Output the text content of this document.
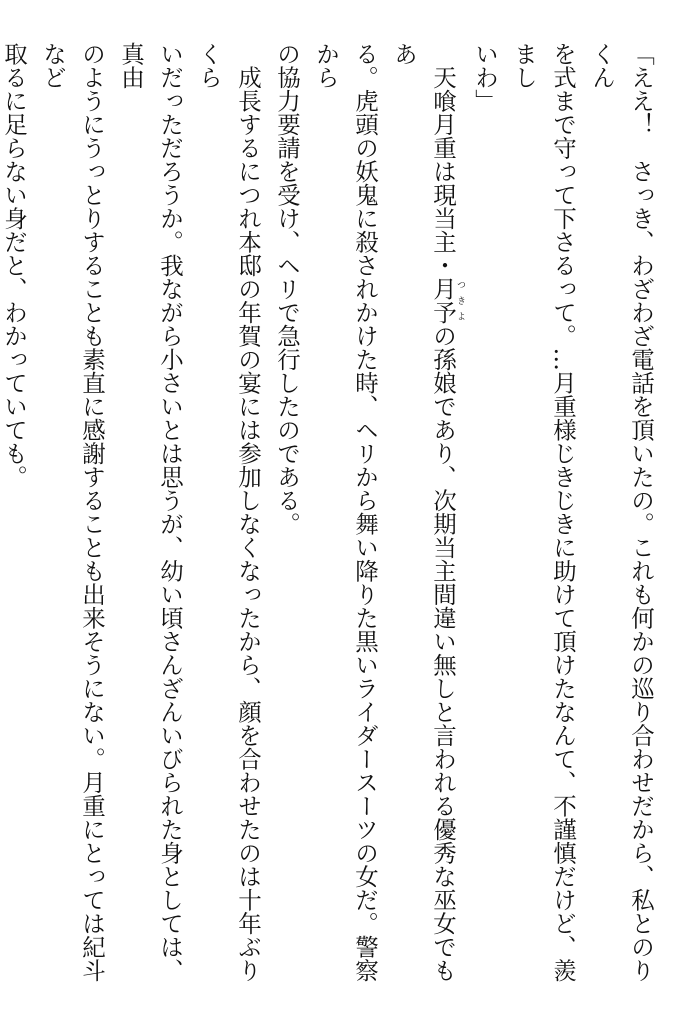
「ええ！　さっき、わざわざ電話を頂いたの。これも何かの巡り合わせだから、私とのりくん

を式まで守って下さるって。…月重様じきじきに助けて頂けたなんて、不謹慎だけど、羨まし

いわ」

　天喰月重は現当主・月予つきよの孫娘であり、次期当主間違い無しと言われる優秀な巫女でもあ

る。虎頭の妖鬼に殺されかけた時、ヘリから舞い降りた黒いライダースーツの女だ。警察から

の協力要請を受け、ヘリで急行したのである。

　成長するにつれ本邸の年賀の宴には参加しなくなったから、顔を合わせたのは十年ぶりくら

いだっただろうか。我ながら小さいとは思うが、幼い頃さんざんいびられた身としては、真由

のようにうっとりすることも素直に感謝することも出来そうにない。月重にとっては紀斗など

取るに足らない身だと、わかっていても。
